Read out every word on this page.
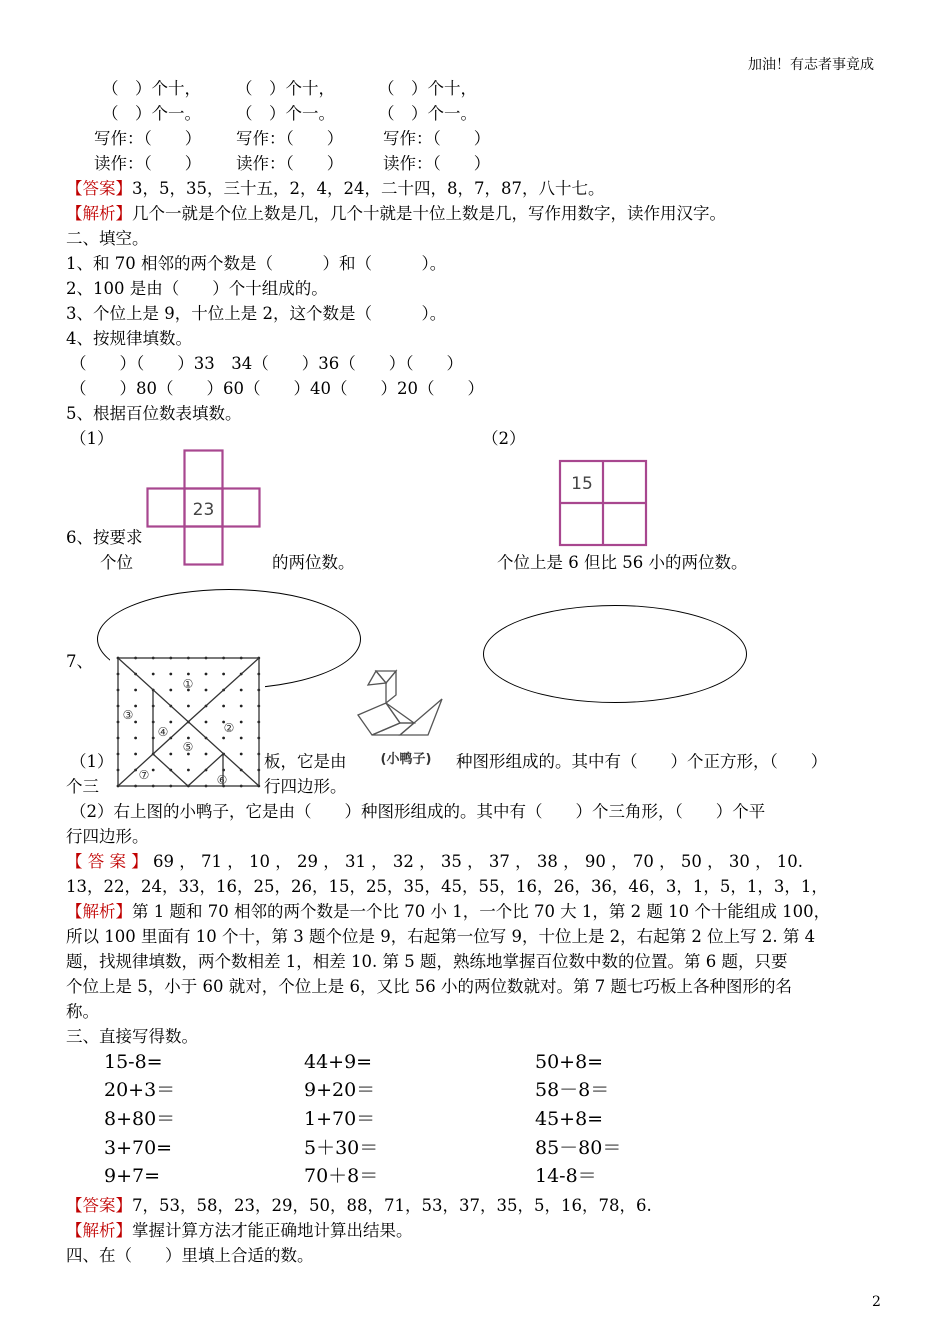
加油！有志者事竟成
2
（　）个十， （　）个十，	（　）个十，
（　）个一。 （　）个一。	（　）个一。
写作：（　　） 写作：（　　） 写作：（　　）
读作：（　　） 读作：（　　） 读作：（　　）
【答案】3，5，35，三十五，2，4，24，二十四，8，7，87，八十七。
【解析】几个一就是个位上数是几，几个十就是十位上数是几，写作用数字，读作用汉字。
二、填空。
1、和 70 相邻的两个数是（　　　）和（　　　）。
2、100 是由（　　）个十组成的。
3、个位上是 9，十位上是 2，这个数是（　　　）。
4、按规律填数。
（　　）（　　）33　34（　　）36（　　）（　　）
（　　）80（　　）60（　　）40（　　）20（　　）
5、根据百位数表填数。
（1）	（2）
6、按要求
个位	的两位数。	个位上是 6 但比 56 小的两位数。
23
15
7、
①
②
③
④
⑤
⑥
⑦
(小鸭子)
（1）	板，它是由	种图形组成的。其中有（　　）个正方形，（　　）
个三	行四边形。
（2）右上图的小鸭子，它是由（　　）种图形组成的。其中有（　　）个三角形，（　　）个平
行四边形。
【 答 案 】 69 ， 71 ， 10 ， 29 ， 31 ， 32 ， 35 ， 37 ， 38 ， 90 ， 70 ， 50 ， 30 ， 10.
13，22，24，33，16，25，26，15，25，35，45，55，16，26，36，46，3，1，5，1，3，1，
【解析】第 1 题和 70 相邻的两个数是一个比 70 小 1，一个比 70 大 1，第 2 题 10 个十能组成 100，
所以 100 里面有 10 个十，第 3 题个位是 9，右起第一位写 9，十位上是 2，右起第 2 位上写 2. 第 4
题，找规律填数，两个数相差 1，相差 10. 第 5 题，熟练地掌握百位数中数的位置。第 6 题，只要
个位上是 5，小于 60 就对，个位上是 6，又比 56 小的两位数就对。第 7 题七巧板上各种图形的名
称。
三、直接写得数。
15-8=	44+9=	50+8=
20+3＝	9+20＝	58－8＝
8+80＝	1+70＝	45+8=
3+70=	5＋30＝	85－80＝
9+7=	70＋8＝	14-8＝
【答案】7，53，58，23，29，50，88，71，53，37，35，5，16，78，6.
【解析】掌握计算方法才能正确地计算出结果。
四、在（　　）里填上合适的数。
